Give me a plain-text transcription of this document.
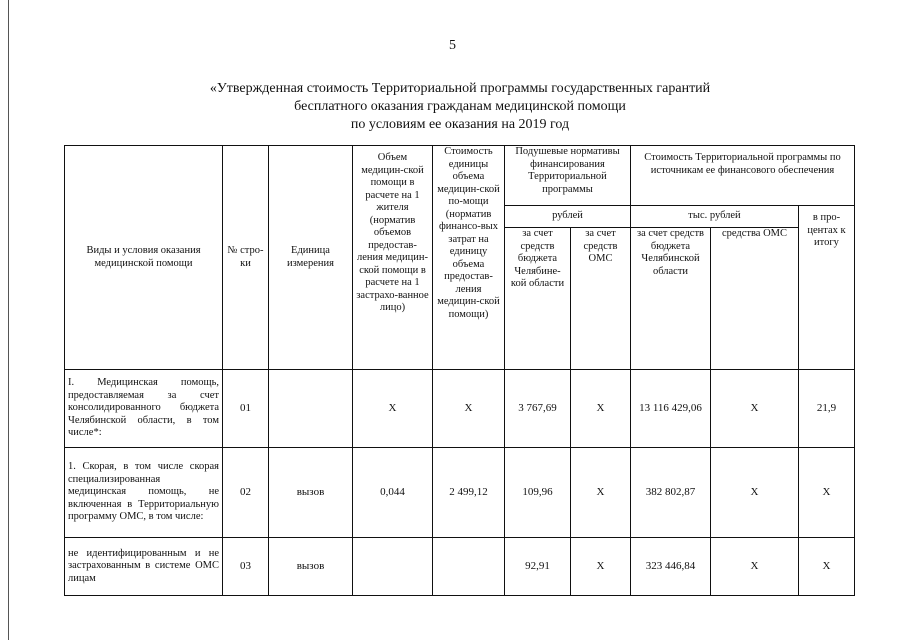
5
«Утвержденная стоимость Территориальной программы государственных гарантий
бесплатного оказания гражданам медицинской помощи
по условиям ее оказания на 2019 год
Виды и условия оказания медицинской помощи	№ стро-ки	Единица измерения	Объем медицин-ской помощи в расчете на 1 жителя (норматив объемов предостав-ления медицин-ской помощи в расчете на 1 застрахо-ванное лицо)	Стоимость единицы объема медицин-ской по-мощи (норматив финансо-вых затрат на единицу объема предостав-ления медицин-ской помощи)	Подушевые нормативы финансирования Территориальной программы		Стоимость Территориальной программы по источникам ее финансового обеспечения		
					рублей		тыс. рублей		в про-центах к итогу
					за счет средств бюджета Челябине-кой области	за счет средств ОМС	за счет средств бюджета Челябинской области	средства ОМС	
I. Медицинская помощь, предоставляемая за счет консолидированного бюджета Челябинской области, в том числе*:	01		Х	Х	3 767,69	Х	13 116 429,06	Х	21,9
1. Скорая, в том числе скорая специализированная медицинская помощь, не включенная в Территориальную программу ОМС, в том числе:	02	вызов	0,044	2 499,12	109,96	Х	382 802,87	Х	Х
не идентифицированным и не застрахованным в системе ОМС лицам	03	вызов			92,91	Х	323 446,84	Х	Х
